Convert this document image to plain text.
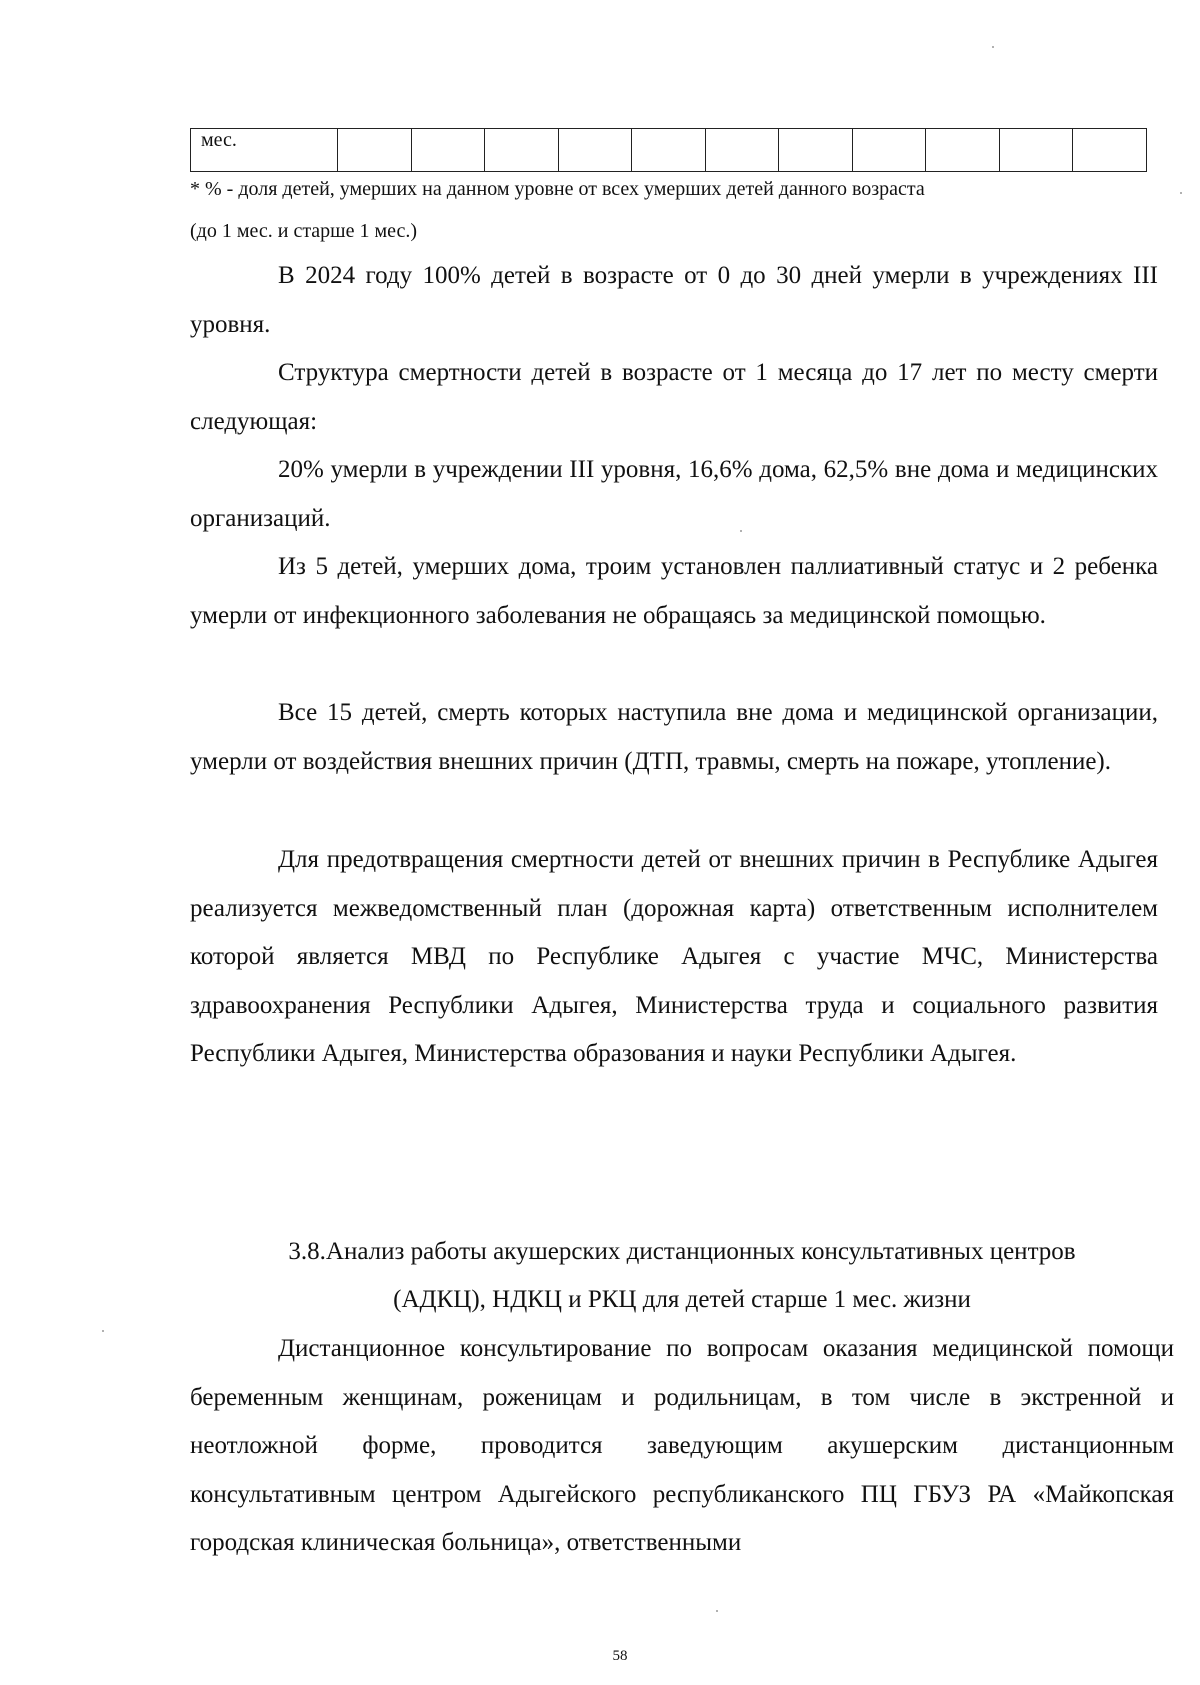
мес.											
* % - доля детей, умерших на данном уровне от всех умерших детей данного возраста
(до 1 мес. и старше 1 мес.)

В 2024 году 100% детей в возрасте от 0 до 30 дней умерли в учреждениях III уровня.

Структура смертности детей в возрасте от 1 месяца до 17 лет по месту смерти следующая:

20% умерли в учреждении III уровня, 16,6% дома, 62,5% вне дома и медицинских организаций.

Из 5 детей, умерших дома, троим установлен паллиативный статус и 2 ребенка умерли от инфекционного заболевания не обращаясь за медицинской помощью.

Все 15 детей, смерть которых наступила вне дома и медицинской организации, умерли от воздействия внешних причин (ДТП, травмы, смерть на пожаре, утопление).

Для предотвращения смертности детей от внешних причин в Республике Адыгея реализуется межведомственный план (дорожная карта) ответственным исполнителем которой является МВД по Республике Адыгея с участие МЧС, Министерства здравоохранения Республики Адыгея, Министерства труда и социального развития Республики Адыгея, Министерства образования и науки Республики Адыгея.

3.8.Анализ работы акушерских дистанционных консультативных центров

(АДКЦ), НДКЦ и РКЦ для детей старше 1 мес. жизни

Дистанционное консультирование по вопросам оказания медицинской помощи беременным женщинам, роженицам и родильницам, в том числе в экстренной и неотложной форме, проводится заведующим акушерским дистанционным консультативным центром Адыгейского республиканского ПЦ ГБУЗ РА «Майкопская городская клиническая больница», ответственными

58
